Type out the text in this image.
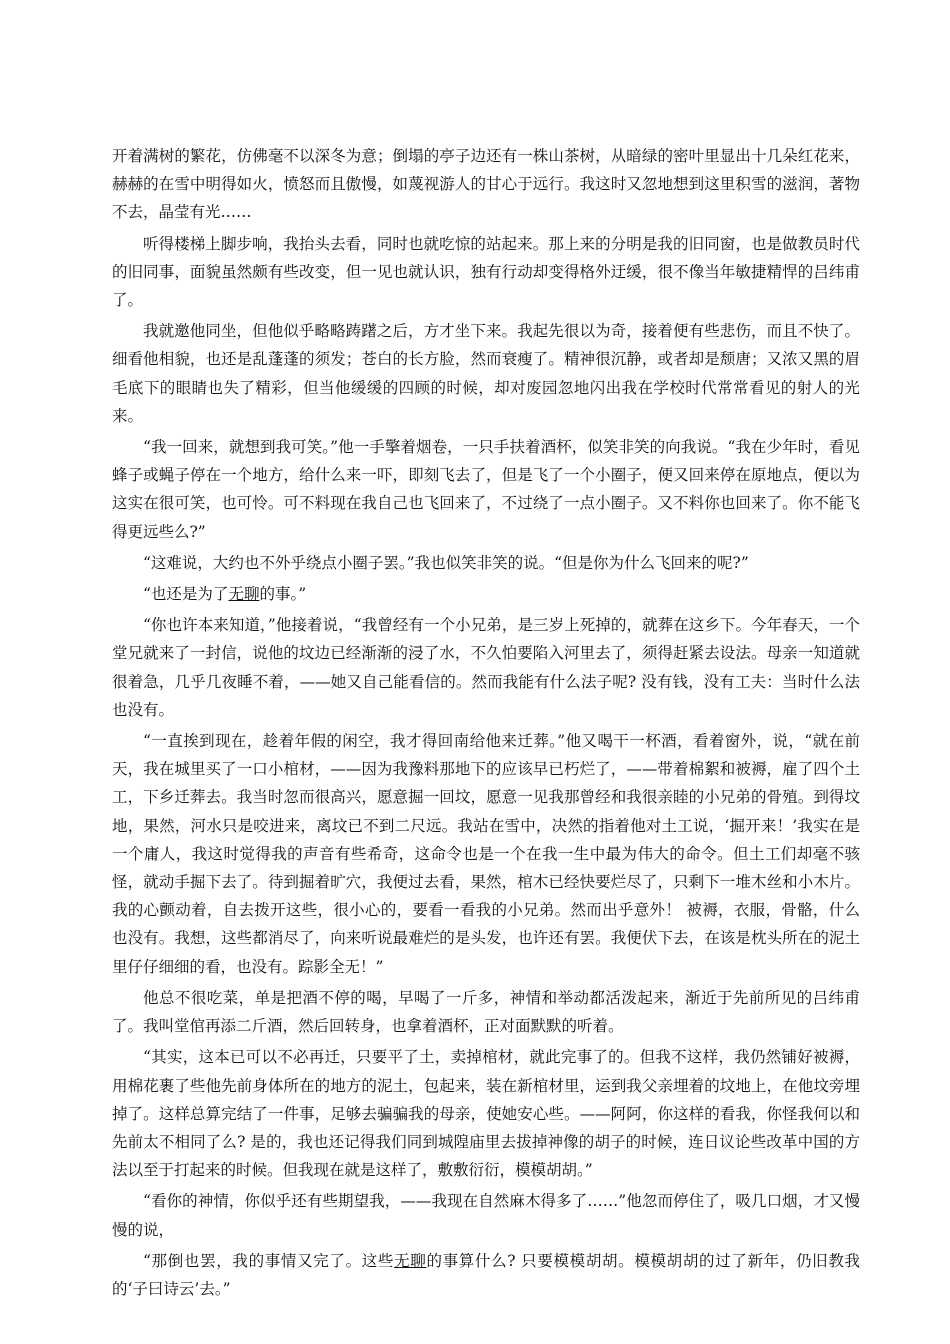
开着满树的繁花，仿佛毫不以深冬为意；倒塌的亭子边还有一株山茶树，从暗绿的密叶里显出十几朵红花来，赫赫的在雪中明得如火，愤怒而且傲慢，如蔑视游人的甘心于远行。我这时又忽地想到这里积雪的滋润，著物不去，晶莹有光……

听得楼梯上脚步响，我抬头去看，同时也就吃惊的站起来。那上来的分明是我的旧同窗，也是做教员时代的旧同事，面貌虽然颇有些改变，但一见也就认识，独有行动却变得格外迂缓，很不像当年敏捷精悍的吕纬甫了。

我就邀他同坐，但他似乎略略踌躇之后，方才坐下来。我起先很以为奇，接着便有些悲伤，而且不快了。细看他相貌，也还是乱蓬蓬的须发；苍白的长方脸，然而衰瘦了。精神很沉静，或者却是颓唐；又浓又黑的眉毛底下的眼睛也失了精彩，但当他缓缓的四顾的时候，却对废园忽地闪出我在学校时代常常看见的射人的光来。

“我一回来，就想到我可笑。”他一手擎着烟卷，一只手扶着酒杯，似笑非笑的向我说。“我在少年时，看见蜂子或蝇子停在一个地方，给什么来一吓，即刻飞去了，但是飞了一个小圈子，便又回来停在原地点，便以为这实在很可笑，也可怜。可不料现在我自己也飞回来了，不过绕了一点小圈子。又不料你也回来了。你不能飞得更远些么?”

“这难说，大约也不外乎绕点小圈子罢。”我也似笑非笑的说。“但是你为什么飞回来的呢?”

“也还是为了无聊的事。”

“你也许本来知道，”他接着说，“我曾经有一个小兄弟，是三岁上死掉的，就葬在这乡下。今年春天，一个堂兄就来了一封信，说他的坟边已经渐渐的浸了水，不久怕要陷入河里去了，须得赶紧去设法。母亲一知道就很着急，几乎几夜睡不着，——她又自己能看信的。然而我能有什么法子呢? 没有钱，没有工夫：当时什么法也没有。

“一直挨到现在，趁着年假的闲空，我才得回南给他来迁葬。”他又喝干一杯酒，看着窗外，说，“就在前天，我在城里买了一口小棺材，——因为我豫料那地下的应该早已朽烂了，——带着棉絮和被褥，雇了四个土工，下乡迁葬去。我当时忽而很高兴，愿意掘一回坟，愿意一见我那曾经和我很亲睦的小兄弟的骨殖。到得坟地，果然，河水只是咬进来，离坟已不到二尺远。我站在雪中，决然的指着他对土工说，‘掘开来！’我实在是一个庸人，我这时觉得我的声音有些希奇，这命令也是一个在我一生中最为伟大的命令。但土工们却毫不骇怪，就动手掘下去了。待到掘着旷穴，我便过去看，果然，棺木已经快要烂尽了，只剩下一堆木丝和小木片。我的心颤动着，自去拨开这些，很小心的，要看一看我的小兄弟。然而出乎意外！ 被褥，衣服，骨骼，什么也没有。我想，这些都消尽了，向来听说最难烂的是头发，也许还有罢。我便伏下去，在该是枕头所在的泥土里仔仔细细的看，也没有。踪影全无！”

他总不很吃菜，单是把酒不停的喝，早喝了一斤多，神情和举动都活泼起来，渐近于先前所见的吕纬甫了。我叫堂倌再添二斤酒，然后回转身，也拿着酒杯，正对面默默的听着。

“其实，这本已可以不必再迁，只要平了土，卖掉棺材，就此完事了的。但我不这样，我仍然铺好被褥，用棉花裹了些他先前身体所在的地方的泥土，包起来，装在新棺材里，运到我父亲埋着的坟地上，在他坟旁埋掉了。这样总算完结了一件事，足够去骗骗我的母亲，使她安心些。——阿阿，你这样的看我，你怪我何以和先前太不相同了么? 是的，我也还记得我们同到城隍庙里去拔掉神像的胡子的时候，连日议论些改革中国的方法以至于打起来的时候。但我现在就是这样了，敷敷衍衍，模模胡胡。”

“看你的神情，你似乎还有些期望我，——我现在自然麻木得多了……”他忽而停住了，吸几口烟，才又慢慢的说，

“那倒也罢，我的事情又完了。这些无聊的事算什么? 只要模模胡胡。模模胡胡的过了新年，仍旧教我的‘子曰诗云’去。”
